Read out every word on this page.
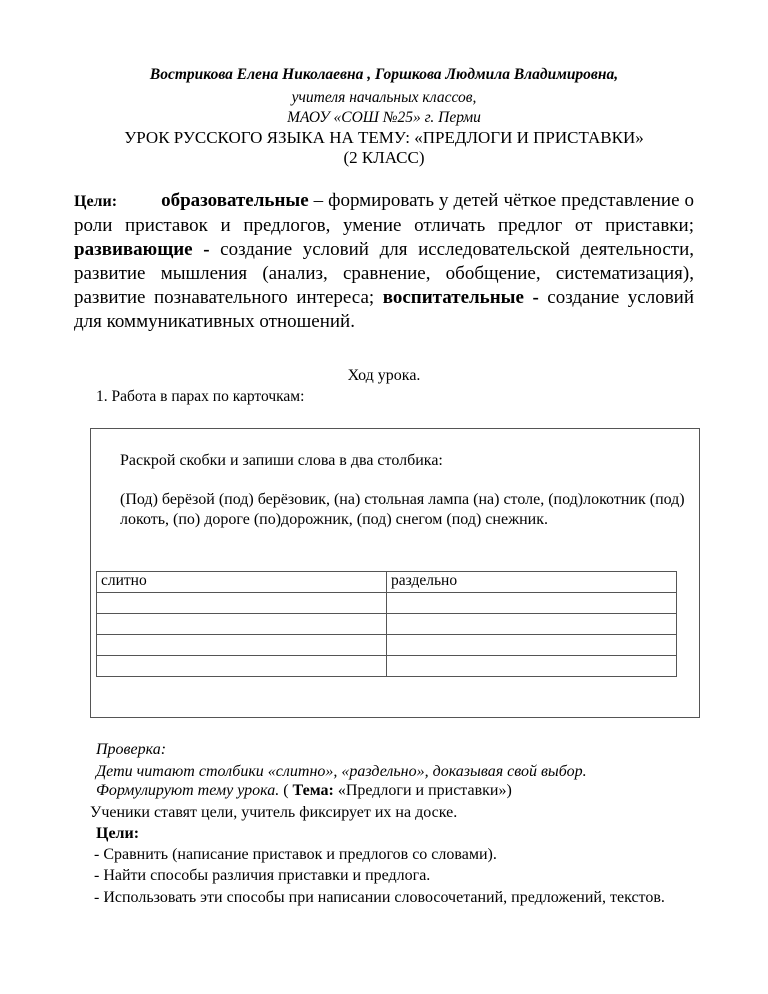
Вострикова Елена Николаевна , Горшкова Людмила Владимировна,
учителя начальных классов,
МАОУ «СОШ №25» г. Перми
УРОК РУССКОГО ЯЗЫКА НА ТЕМУ: «ПРЕДЛОГИ И ПРИСТАВКИ»
(2 КЛАСС)
Цели: образовательные – формировать у детей чёткое представление о роли приставок и предлогов, умение отличать предлог от приставки; развивающие - создание условий для исследовательской деятельности, развитие мышления (анализ, сравнение, обобщение, систематизация), развитие познавательного интереса; воспитательные - создание условий для коммуникативных отношений.
Ход урока.
1. Работа в парах по карточкам:
Раскрой скобки и запиши слова в два столбика:
(Под) берёзой (под) берёзовик, (на) стольная лампа (на) столе, (под)локотник (под) локоть, (по) дороге (по)дорожник, (под) снегом (под) снежник.
слитно	раздельно

Проверка:
Дети читают столбики «слитно», «раздельно», доказывая свой выбор.
Формулируют тему урока. ( Тема: «Предлоги и приставки»)
Ученики ставят цели, учитель фиксирует их на доске.
Цели:
- Сравнить (написание приставок и предлогов со словами).
- Найти способы различия приставки и предлога.
- Использовать эти способы при написании словосочетаний, предложений, текстов.
